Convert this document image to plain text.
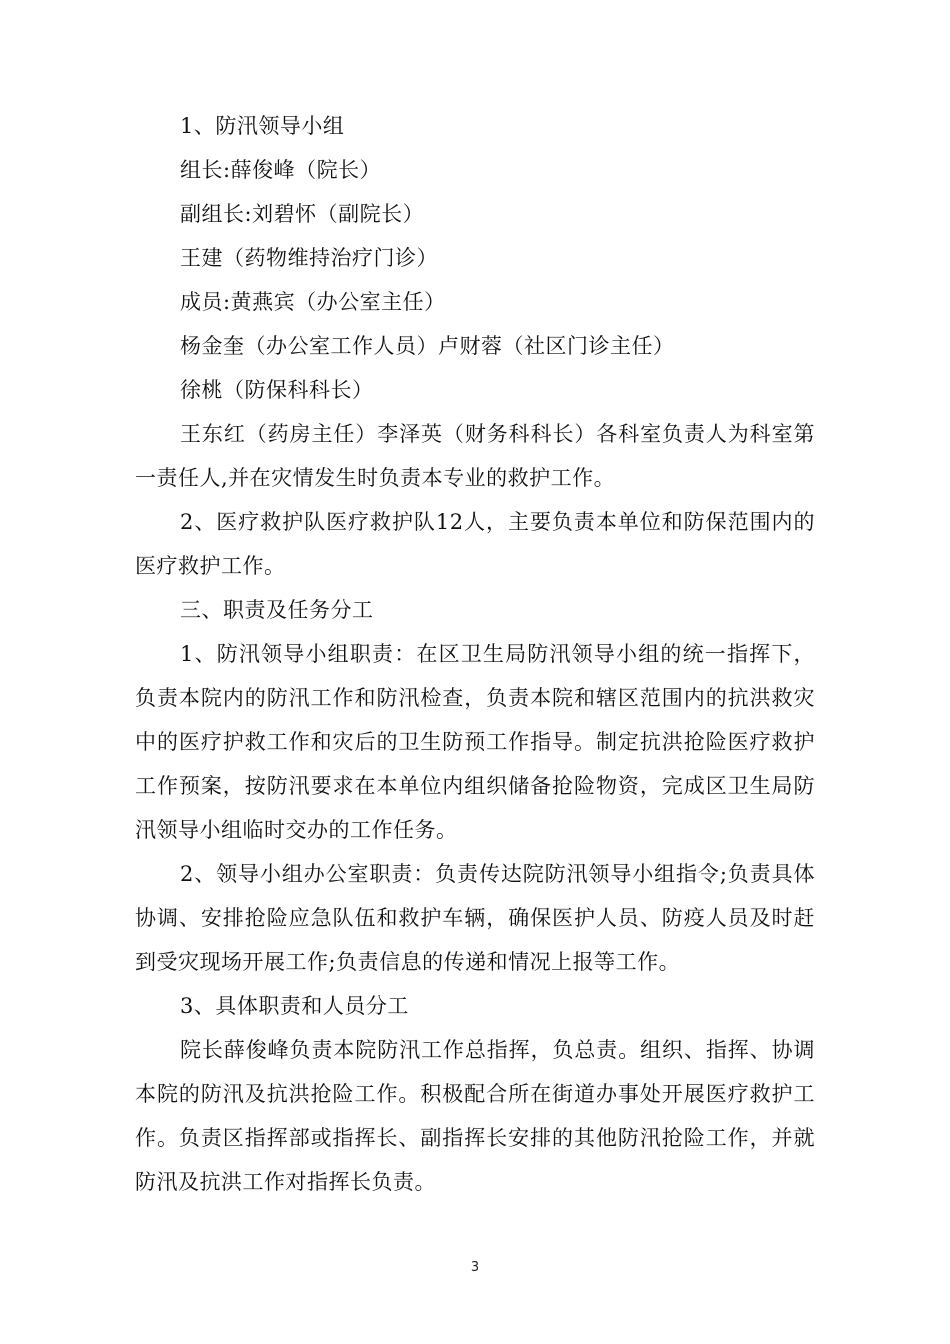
1、防汛领导小组

组长:薛俊峰（院长）

副组长:刘碧怀（副院长）

王建（药物维持治疗门诊）

成员:黄燕宾（办公室主任）

杨金奎（办公室工作人员）卢财蓉（社区门诊主任）

徐桃（防保科科长）

王东红（药房主任）李泽英（财务科科长）各科室负责人为科室第一责任人,并在灾情发生时负责本专业的救护工作。

2、医疗救护队医疗救护队12人，主要负责本单位和防保范围内的医疗救护工作。

三、职责及任务分工

1、防汛领导小组职责：在区卫生局防汛领导小组的统一指挥下，负责本院内的防汛工作和防汛检查，负责本院和辖区范围内的抗洪救灾中的医疗护救工作和灾后的卫生防预工作指导。制定抗洪抢险医疗救护工作预案，按防汛要求在本单位内组织储备抢险物资，完成区卫生局防汛领导小组临时交办的工作任务。

2、领导小组办公室职责：负责传达院防汛领导小组指令;负责具体协调、安排抢险应急队伍和救护车辆，确保医护人员、防疫人员及时赶到受灾现场开展工作;负责信息的传递和情况上报等工作。

3、具体职责和人员分工

院长薛俊峰负责本院防汛工作总指挥，负总责。组织、指挥、协调本院的防汛及抗洪抢险工作。积极配合所在街道办事处开展医疗救护工作。负责区指挥部或指挥长、副指挥长安排的其他防汛抢险工作，并就防汛及抗洪工作对指挥长负责。

3
